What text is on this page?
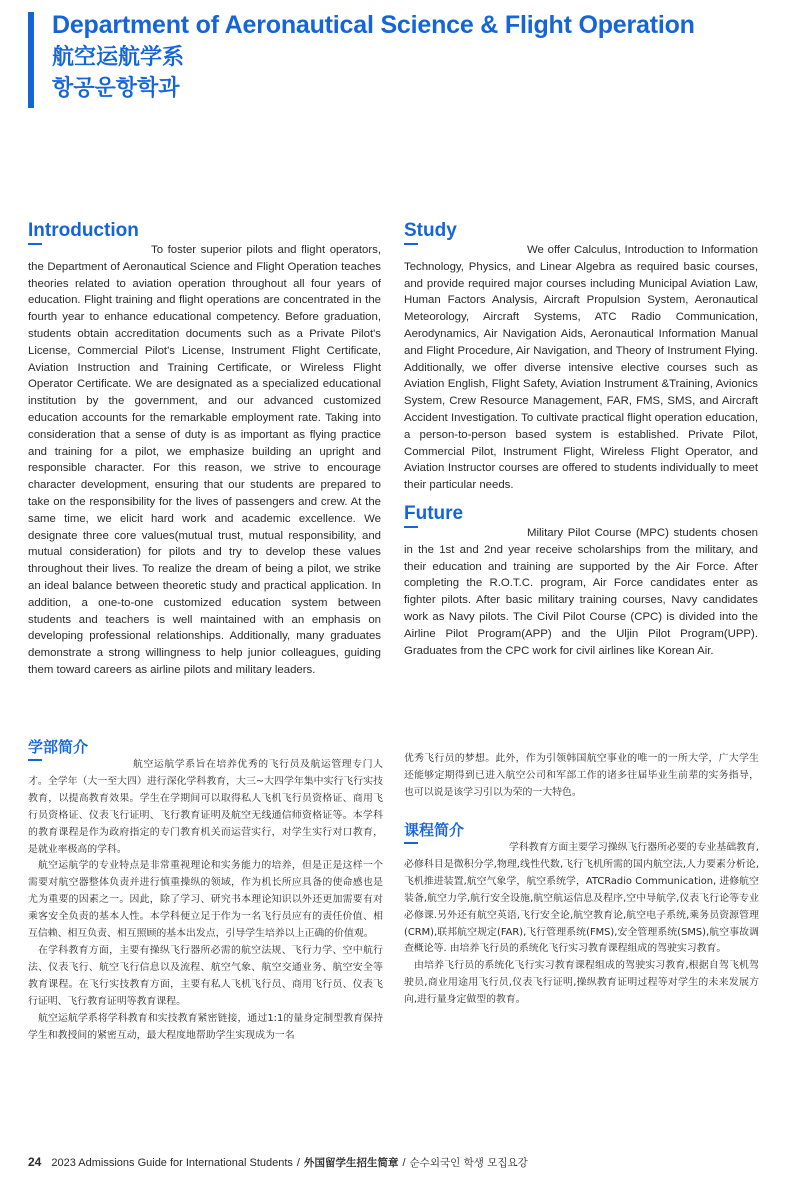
Department of Aeronautical Science & Flight Operation
航空运航学系
항공운항학과
Introduction

To foster superior pilots and flight operators, the Department of Aeronautical Science and Flight Operation teaches theories related to aviation operation throughout all four years of education. Flight training and flight operations are concentrated in the fourth year to enhance educational competency. Before graduation, students obtain accreditation documents such as a Private Pilot's License, Commercial Pilot's License, Instrument Flight Certificate, Aviation Instruction and Training Certificate, or Wireless Flight Operator Certificate. We are designated as a specialized educational institution by the government, and our advanced customized education accounts for the remarkable employment rate. Taking into consideration that a sense of duty is as important as flying practice and training for a pilot, we emphasize building an upright and responsible character. For this reason, we strive to encourage character development, ensuring that our students are prepared to take on the responsibility for the lives of passengers and crew. At the same time, we elicit hard work and academic excellence. We designate three core values(mutual trust, mutual responsibility, and mutual consideration) for pilots and try to develop these values throughout their lives. To realize the dream of being a pilot, we strike an ideal balance between theoretic study and practical application. In addition, a one-to-one customized education system between students and teachers is well maintained with an emphasis on developing professional relationships. Additionally, many graduates demonstrate a strong willingness to help junior colleagues, guiding them toward careers as airline pilots and military leaders.

Study

We offer Calculus, Introduction to Information Technology, Physics, and Linear Algebra as required basic courses, and provide required major courses including Municipal Aviation Law, Human Factors Analysis, Aircraft Propulsion System, Aeronautical Meteorology, Aircraft Systems, ATC Radio Communication, Aerodynamics, Air Navigation Aids, Aeronautical Information Manual and Flight Procedure, Air Navigation, and Theory of Instrument Flying. Additionally, we offer diverse intensive elective courses such as Aviation English, Flight Safety, Aviation Instrument &Training, Avionics System, Crew Resource Management, FAR, FMS, SMS, and Aircraft Accident Investigation. To cultivate practical flight operation education, a person-to-person based system is established. Private Pilot, Commercial Pilot, Instrument Flight, Wireless Flight Operator, and Aviation Instructor courses are offered to students individually to meet their particular needs.

Future

Military Pilot Course (MPC) students chosen in the 1st and 2nd year receive scholarships from the military, and their education and training are supported by the Air Force. After completing the R.O.T.C. program, Air Force candidates enter as fighter pilots. After basic military training courses, Navy candidates work as Navy pilots. The Civil Pilot Course (CPC) is divided into the Airline Pilot Program(APP) and the Uljin Pilot Program(UPP). Graduates from the CPC work for civil airlines like Korean Air.

学部简介

航空运航学系旨在培养优秀的飞行员及航运管理专门人才。全学年（大一至大四）进行深化学科教育，大三~大四学年集中实行飞行实技教育，以提高教育效果。学生在学期间可以取得私人飞机飞行员资格证、商用飞行员资格证、仪表飞行证明、飞行教育证明及航空无线通信师资格证等。本学科的教育课程是作为政府指定的专门教育机关而运营实行，对学生实行对口教育，是就业率极高的学科。

航空运航学的专业特点是非常重视理论和实务能力的培养，但是正是这样一个需要对航空器整体负责并进行慎重操纵的领域，作为机长所应具备的使命感也是尤为重要的因素之一。因此，除了学习、研究书本理论知识以外还更加需要有对乘客安全负责的基本人性。本学科便立足于作为一名飞行员应有的责任价值、相互信赖、相互负责、相互照顾的基本出发点，引导学生培养以上正确的价值观。

在学科教育方面，主要有操纵飞行器所必需的航空法规、飞行力学、空中航行法、仪表飞行、航空飞行信息以及流程、航空气象、航空交通业务、航空安全等教育课程。在飞行实技教育方面，主要有私人飞机飞行员、商用飞行员、仪表飞行证明、飞行教育证明等教育课程。

航空运航学系将学科教育和实技教育紧密链接，通过1:1的量身定制型教育保持学生和教授间的紧密互动，最大程度地帮助学生实现成为一名

优秀飞行员的梦想。此外，作为引领韩国航空事业的唯一的一所大学，广大学生还能够定期得到已进入航空公司和军部工作的诸多往届毕业生前辈的实务指导，也可以说是该学习引以为荣的一大特色。

课程简介

学科教育方面主要学习操纵飞行器所必要的专业基础教育,必修科目是微积分学,物理,线性代数,飞行飞机所需的国内航空法,人力要素分析论,飞机推进装置,航空气象学，航空系统学，ATCRadio Communication, 进修航空装备,航空力学,航行安全设施,航空航运信息及程序,空中导航学,仪表飞行论等专业必修课.另外还有航空英语,飞行安全论,航空教育论,航空电子系统,乘务员资源管理(CRM),联邦航空规定(FAR),飞行管理系统(FMS),安全管理系统(SMS),航空事故调查概论等. 由培养飞行员的系统化飞行实习教育课程组成的驾驶实习教育。

由培养飞行员的系统化飞行实习教育课程组成的驾驶实习教育,根据自驾飞机驾驶员,商业用途用飞行员,仪表飞行证明,操纵教育证明过程等对学生的未来发展方向,进行量身定做型的教育。

24 2023 Admissions Guide for International Students / 外国留学生招生简章 / 순수외국인 학생 모집요강
